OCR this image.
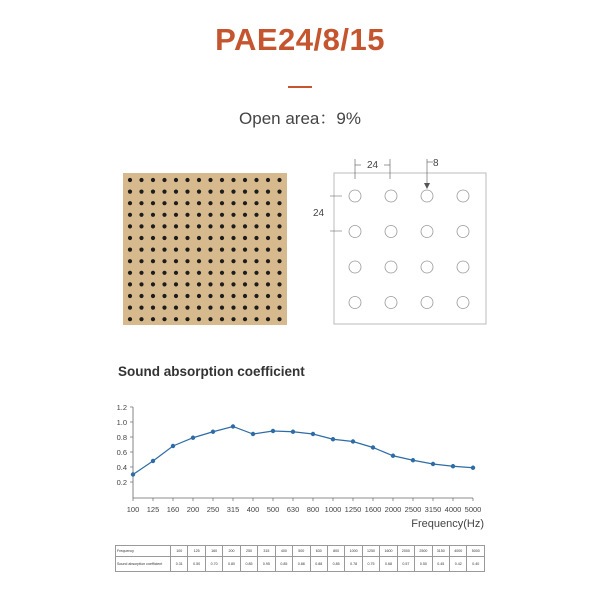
PAE24/8/15
Open area：9%
24	8
24
Sound absorption coefficient
1.2
1.0
0.8
0.6
0.4
0.2
100 125 160 200 250 315 400 500 630 800 1000 1250 1600 2000 2500 3150 4000 5000
Frequency(Hz)
Frequency	100	125	160	200	250	315	400	500	630	800	1000	1250	1600	2000	2500	3150	4000	5000
Sound absorption coefficient	0.31	0.50	0.70	0.80	0.85	0.95	0.85	0.88	0.88	0.85	0.78	0.75	0.68	0.57	0.50	0.45	0.42	0.40
